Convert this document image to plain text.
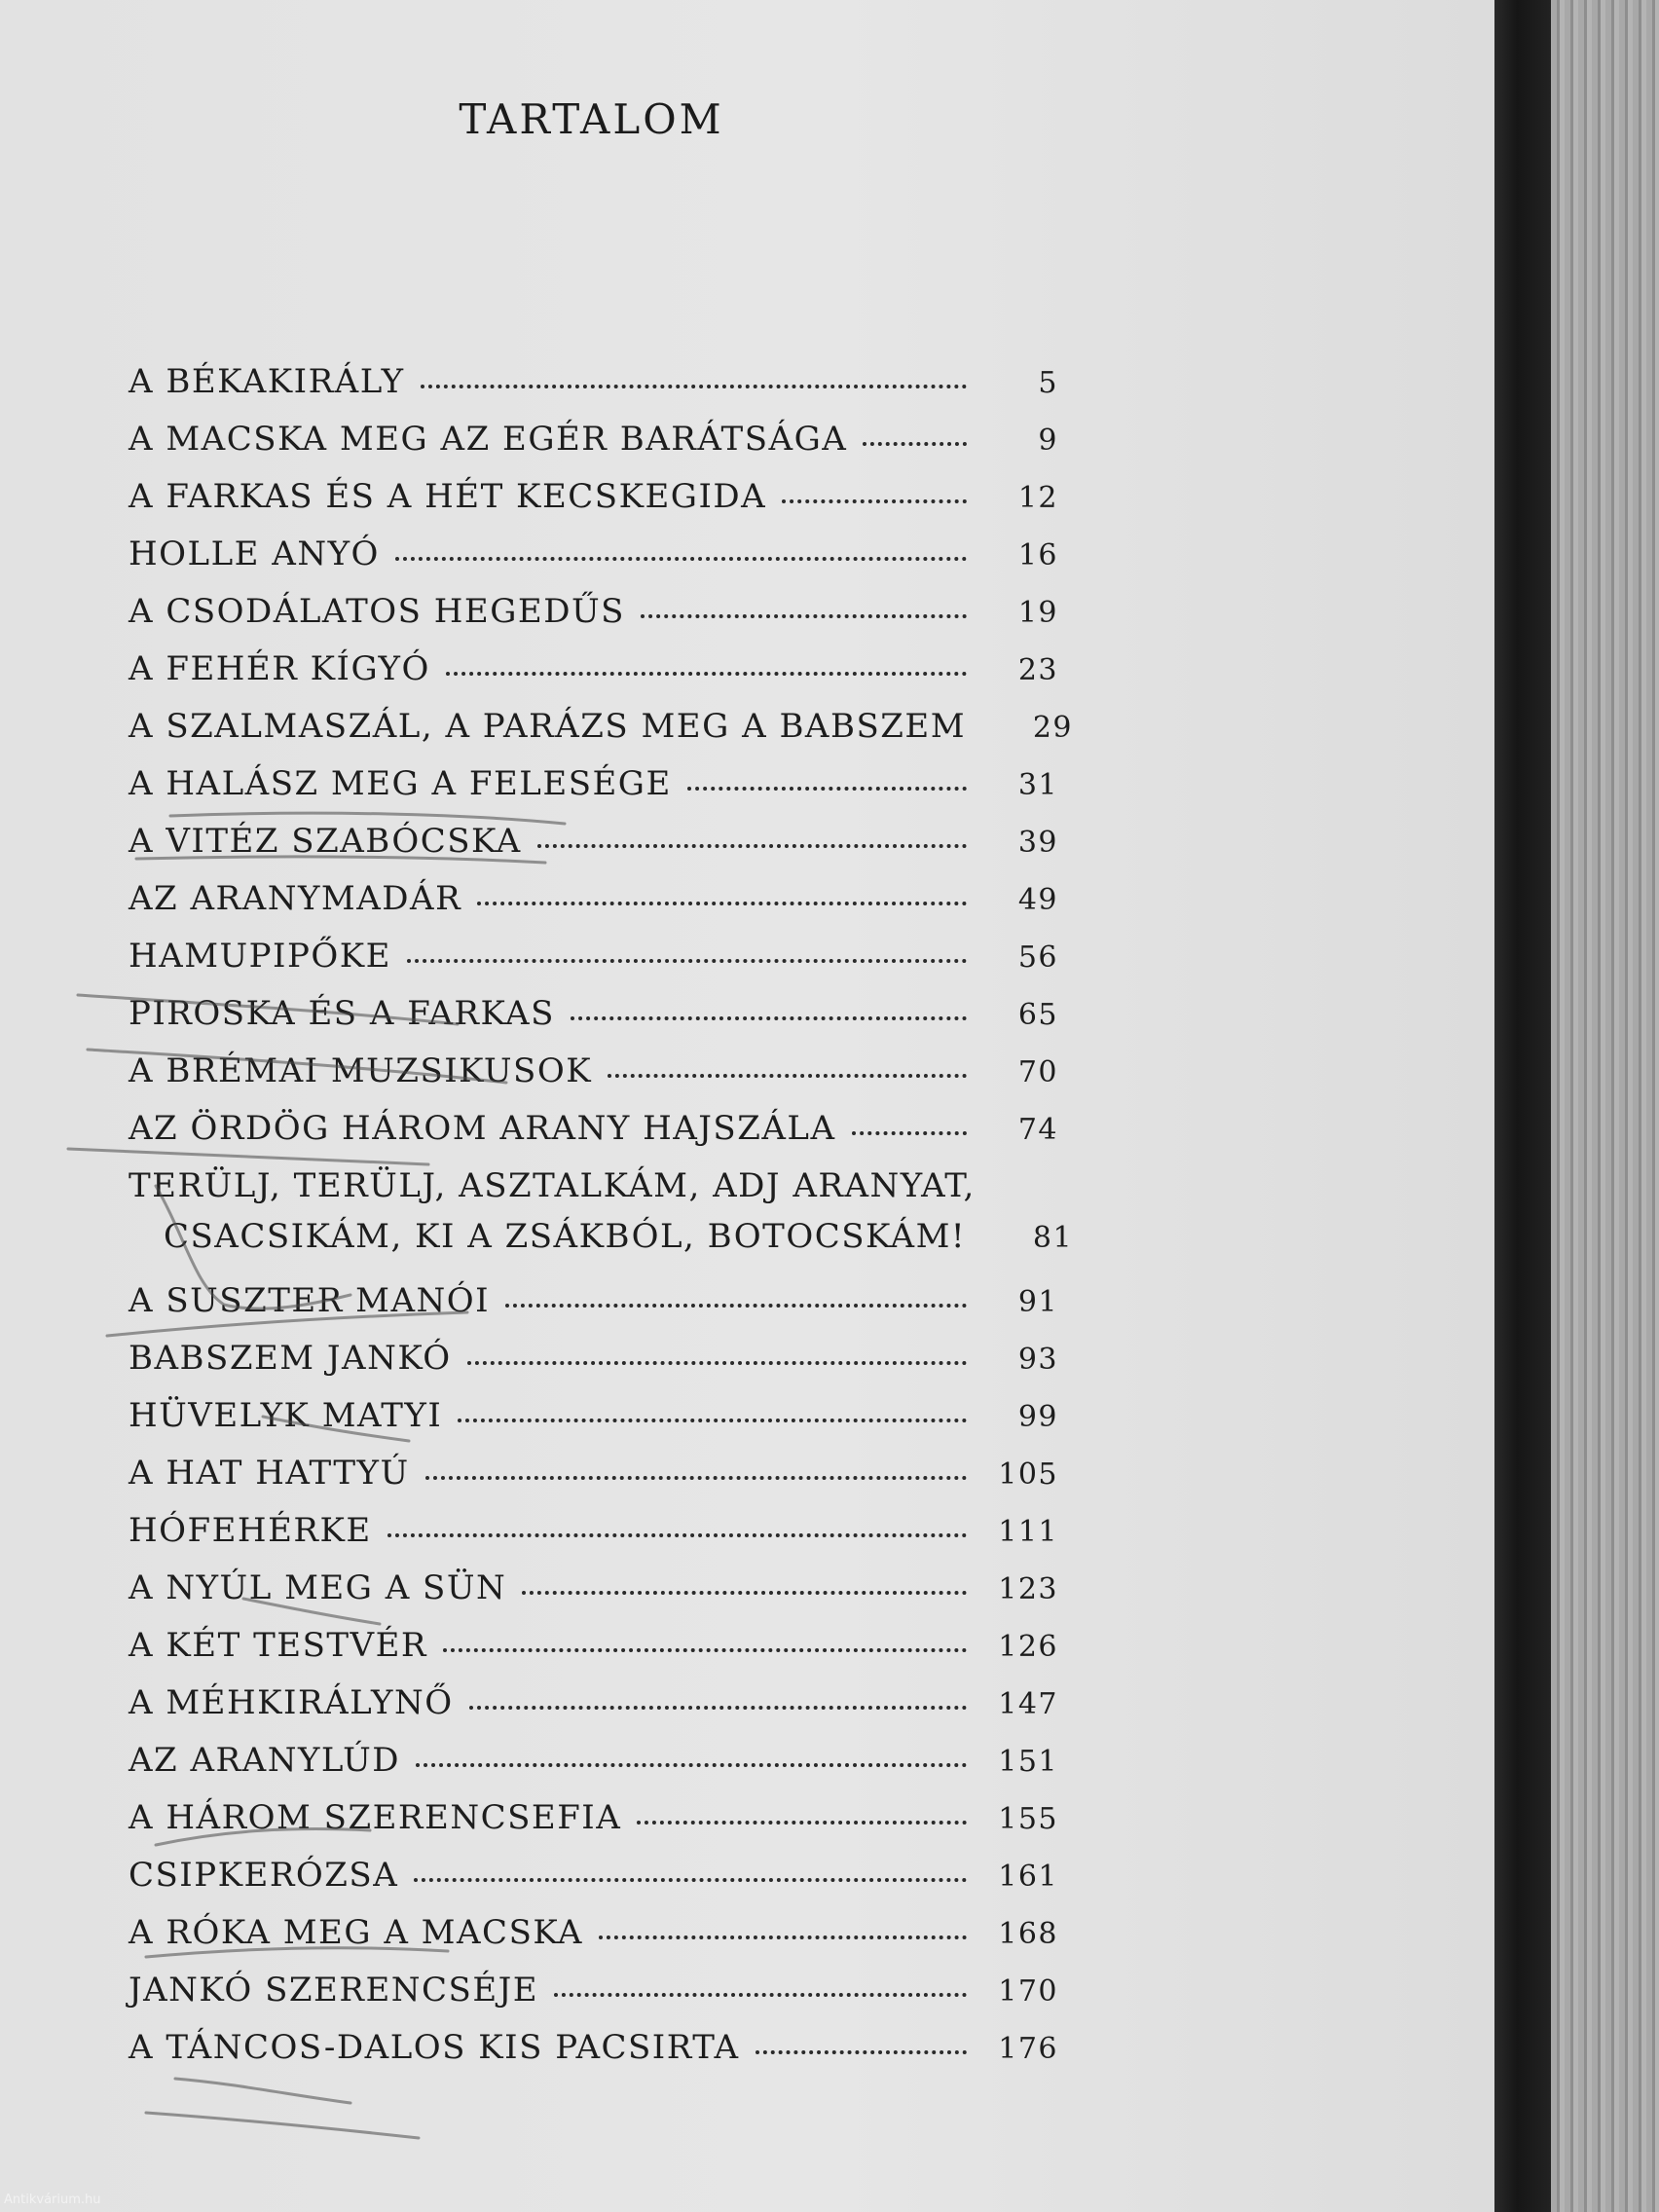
TARTALOM
A BÉKAKIRÁLY	5
A MACSKA MEG AZ EGÉR BARÁTSÁGA	9
A FARKAS ÉS A HÉT KECSKEGIDA	12
HOLLE ANYÓ	16
A CSODÁLATOS HEGEDŰS	19
A FEHÉR KÍGYÓ	23
A SZALMASZÁL, A PARÁZS MEG A BABSZEM	29
A HALÁSZ MEG A FELESÉGE	31
A VITÉZ SZABÓCSKA	39
AZ ARANYMADÁR	49
HAMUPIPŐKE	56
PIROSKA ÉS A FARKAS	65
A BRÉMAI MUZSIKUSOK	70
AZ ÖRDÖG HÁROM ARANY HAJSZÁLA	74
TERÜLJ, TERÜLJ, ASZTALKÁM, ADJ ARANYAT,
CSACSIKÁM, KI A ZSÁKBÓL, BOTOCSKÁM!	81
A SUSZTER MANÓI	91
BABSZEM JANKÓ	93
HÜVELYK MATYI	99
A HAT HATTYÚ	105
HÓFEHÉRKE	111
A NYÚL MEG A SÜN	123
A KÉT TESTVÉR	126
A MÉHKIRÁLYNŐ	147
AZ ARANYLÚD	151
A HÁROM SZERENCSEFIA	155
CSIPKERÓZSA	161
A RÓKA MEG A MACSKA	168
JANKÓ SZERENCSÉJE	170
A TÁNCOS-DALOS KIS PACSIRTA	176
Antikvárium.hu
